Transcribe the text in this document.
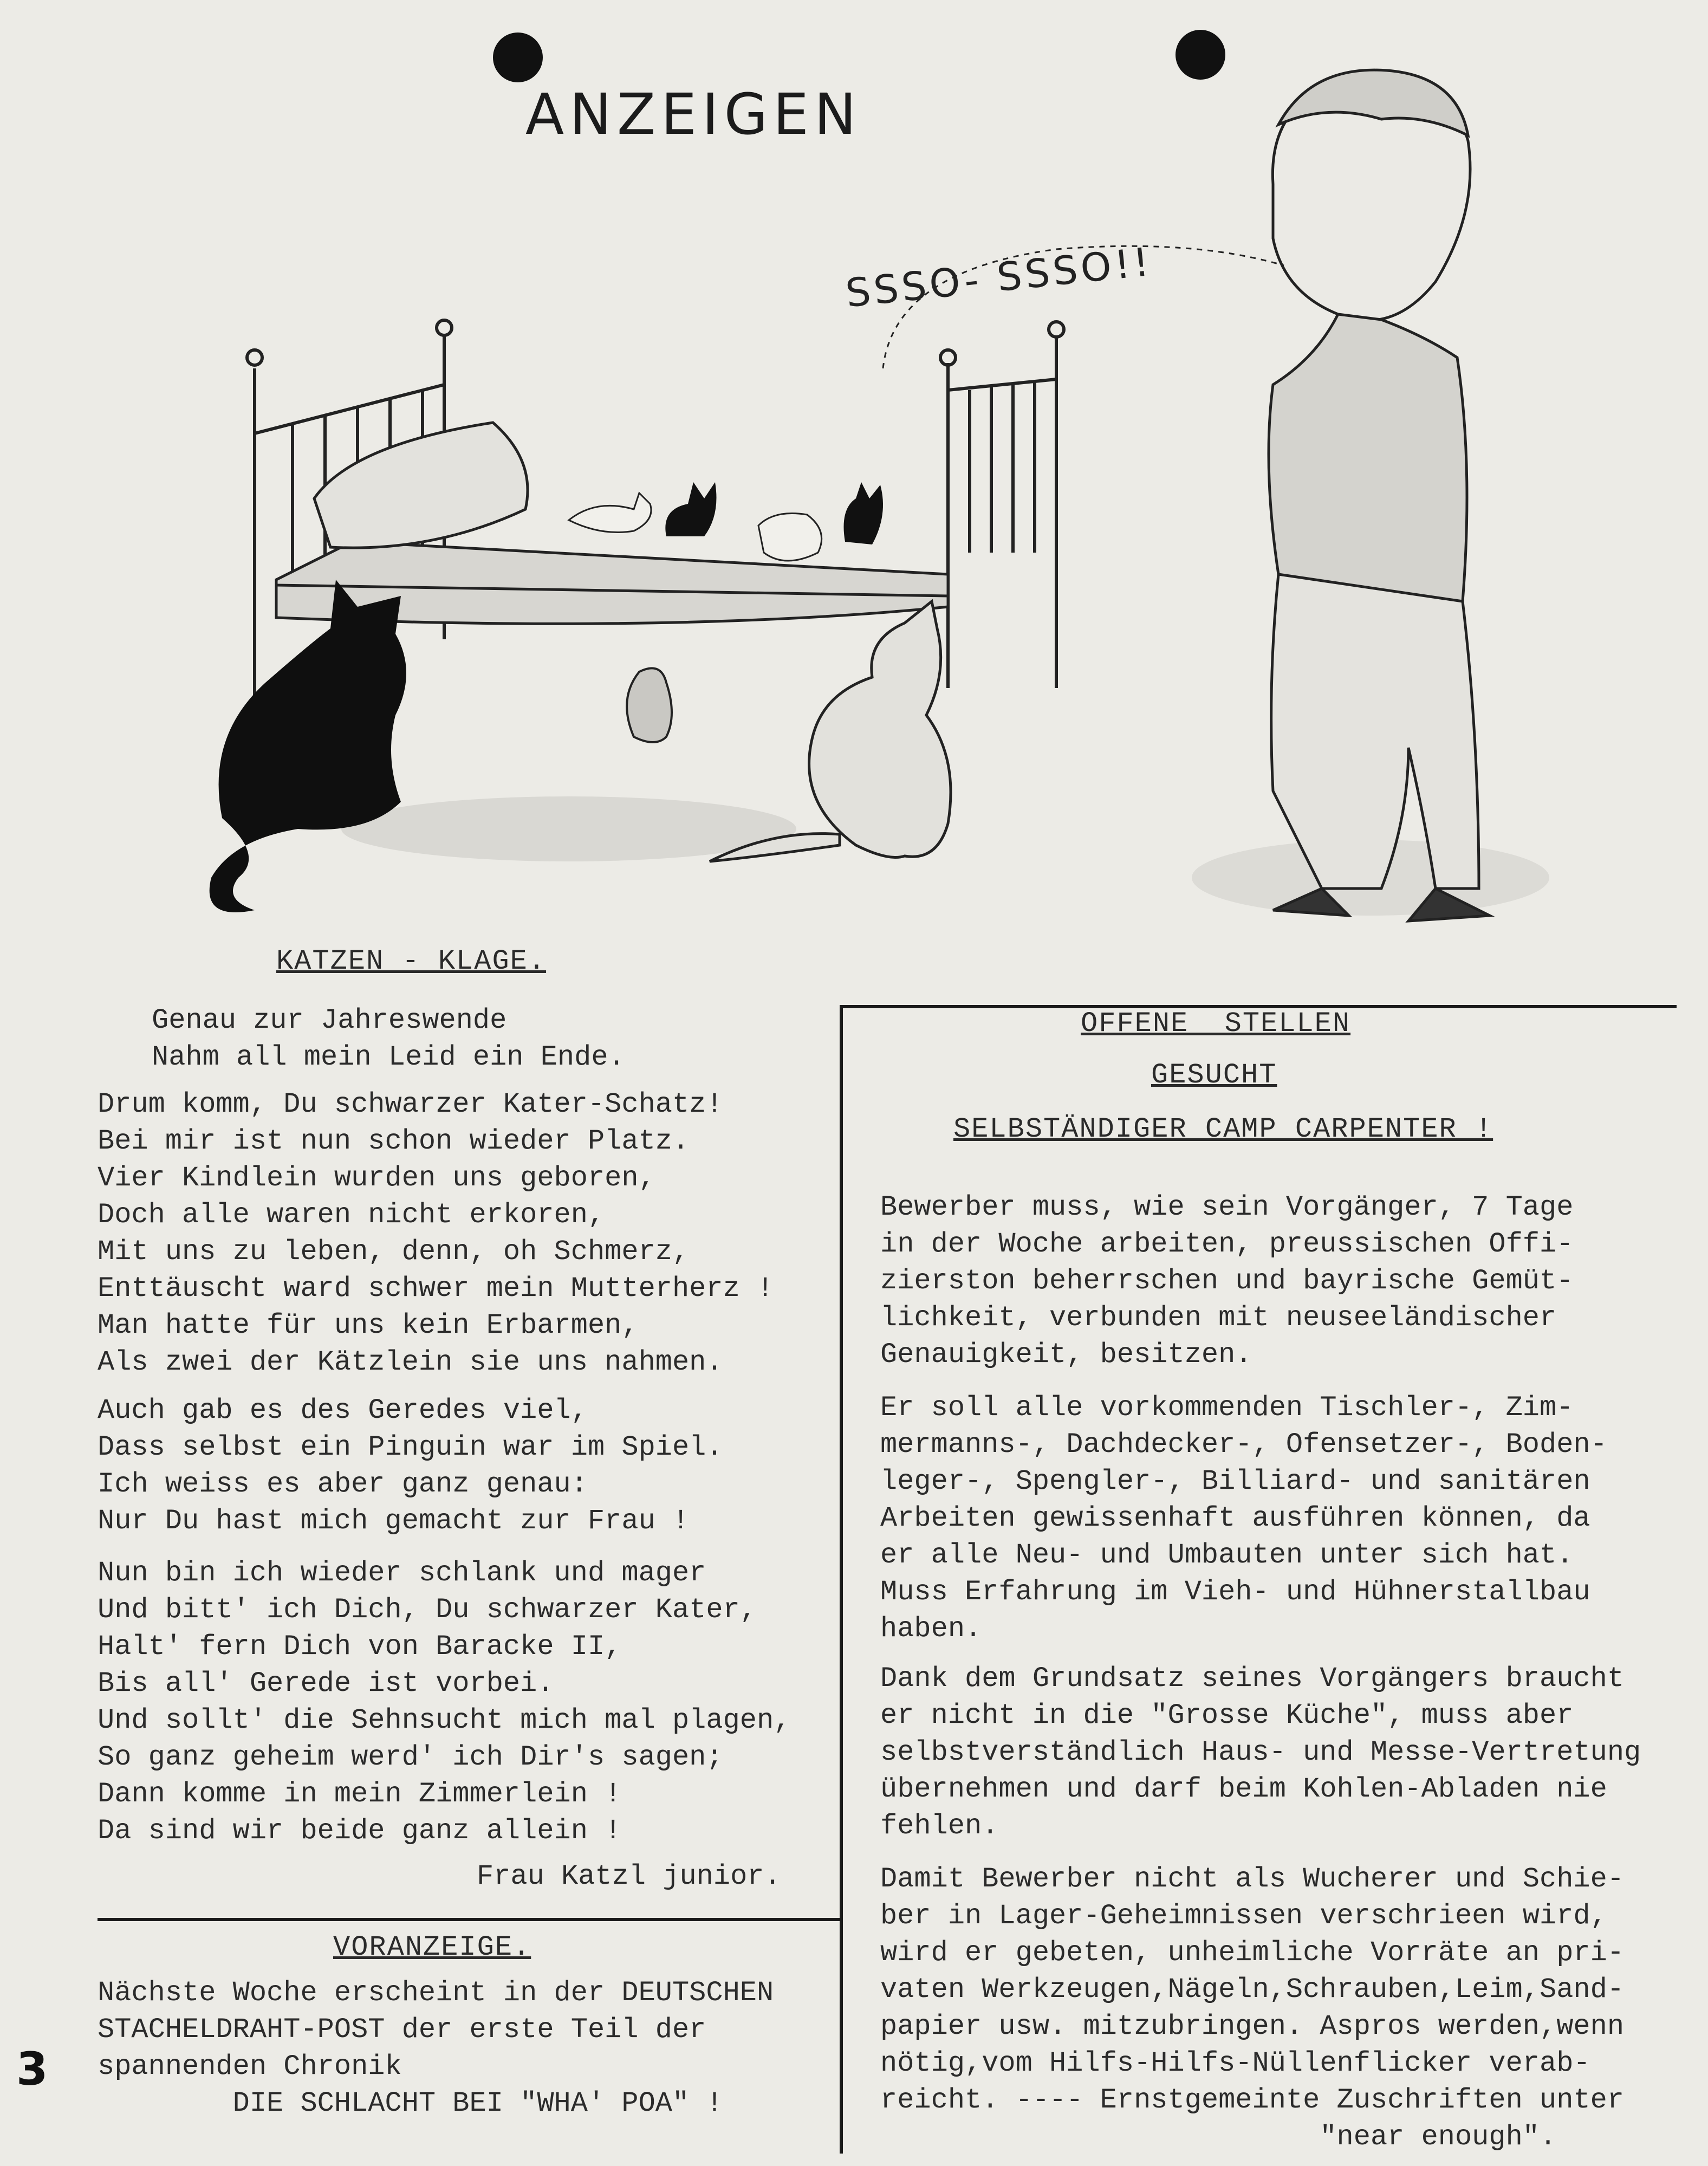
ANZEIGEN
SSSO- SSSO!!
KATZEN - KLAGE.
Genau zur Jahreswende
Nahm all mein Leid ein Ende.
Drum komm, Du schwarzer Kater-Schatz!
Bei mir ist nun schon wieder Platz.
Vier Kindlein wurden uns geboren,
Doch alle waren nicht erkoren,
Mit uns zu leben, denn, oh Schmerz,
Enttäuscht ward schwer mein Mutterherz !
Man hatte für uns kein Erbarmen,
Als zwei der Kätzlein sie uns nahmen.
Auch gab es des Geredes viel,
Dass selbst ein Pinguin war im Spiel.
Ich weiss es aber ganz genau:
Nur Du hast mich gemacht zur Frau !
Nun bin ich wieder schlank und mager
Und bitt' ich Dich, Du schwarzer Kater,
Halt' fern Dich von Baracke II,
Bis all' Gerede ist vorbei.
Und sollt' die Sehnsucht mich mal plagen,
So ganz geheim werd' ich Dir's sagen;
Dann komme in mein Zimmerlein !
Da sind wir beide ganz allein !
Frau Katzl junior.
VORANZEIGE.
Nächste Woche erscheint in der DEUTSCHEN
STACHELDRAHT-POST der erste Teil der
spannenden Chronik
DIE SCHLACHT BEI "WHA' POA" !
OFFENE  STELLEN
GESUCHT
SELBSTÄNDIGER CAMP CARPENTER !
Bewerber muss, wie sein Vorgänger, 7 Tage
in der Woche arbeiten, preussischen Offi-
zierston beherrschen und bayrische Gemüt-
lichkeit, verbunden mit neuseeländischer
Genauigkeit, besitzen.
Er soll alle vorkommenden Tischler-, Zim-
mermanns-, Dachdecker-, Ofensetzer-, Boden-
leger-, Spengler-, Billiard- und sanitären
Arbeiten gewissenhaft ausführen können, da
er alle Neu- und Umbauten unter sich hat.
Muss Erfahrung im Vieh- und Hühnerstallbau
haben.
Dank dem Grundsatz seines Vorgängers braucht
er nicht in die "Grosse Küche", muss aber
selbstverständlich Haus- und Messe-Vertretung
übernehmen und darf beim Kohlen-Abladen nie
fehlen.
Damit Bewerber nicht als Wucherer und Schie-
ber in Lager-Geheimnissen verschrieen wird,
wird er gebeten, unheimliche Vorräte an pri-
vaten Werkzeugen,Nägeln,Schrauben,Leim,Sand-
papier usw. mitzubringen. Aspros werden,wenn
nötig,vom Hilfs-Hilfs-Nüllenflicker verab-
reicht. ---- Ernstgemeinte Zuschriften unter
"near enough".
3
